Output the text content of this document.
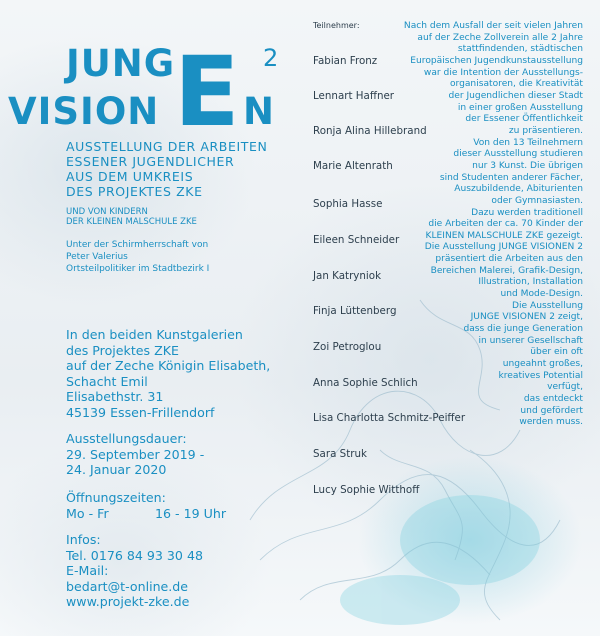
JUNG
VISION E N
2
AUSSTELLUNG DER ARBEITEN
ESSENER JUGENDLICHER
AUS DEM UMKREIS
DES PROJEKTES ZKE
UND VON KINDERN
DER KLEINEN MALSCHULE ZKE
Unter der Schirmherrschaft von
Peter Valerius
Ortsteilpolitiker im Stadtbezirk I
In den beiden Kunstgalerien
des Projektes ZKE
auf der Zeche Königin Elisabeth,
Schacht Emil
Elisabethstr. 31
45139 Essen-Frillendorf
Ausstellungsdauer:
29. September 2019 -
24. Januar 2020
Öffnungszeiten:
Mo - Fr	16 - 19 Uhr
Infos:
Tel. 0176 84 93 30 48
E-Mail:
bedart@t-online.de
www.projekt-zke.de
Teilnehmer:
Fabian Fronz
Lennart Haffner
Ronja Alina Hillebrand
Marie Altenrath
Sophia Hasse
Eileen Schneider
Jan Katryniok
Finja Lüttenberg
Zoi Petroglou
Anna Sophie Schlich
Lisa Charlotta Schmitz-Peiffer
Sara Struk
Lucy Sophie Witthoff
Nach dem Ausfall der seit vielen Jahren
auf der Zeche Zollverein alle 2 Jahre
stattfindenden, städtischen
Europäischen Jugendkunstausstellung
war die Intention der Ausstellungs-
organisatoren, die Kreativität
der Jugendlichen dieser Stadt
in einer großen Ausstellung
der Essener Öffentlichkeit
zu präsentieren.
Von den 13 Teilnehmern
dieser Ausstellung studieren
nur 3 Kunst. Die übrigen
sind Studenten anderer Fächer,
Auszubildende, Abiturienten
oder Gymnasiasten.
Dazu werden traditionell
die Arbeiten der ca. 70 Kinder der
KLEINEN MALSCHULE ZKE gezeigt.
Die Ausstellung JUNGE VISIONEN 2
präsentiert die Arbeiten aus den
Bereichen Malerei, Grafik-Design,
Illustration, Installation
und Mode-Design.
Die Ausstellung
JUNGE VISIONEN 2 zeigt,
dass die junge Generation
in unserer Gesellschaft
über ein oft
ungeahnt großes,
kreatives Potential
verfügt,
das entdeckt
und gefördert
werden muss.
